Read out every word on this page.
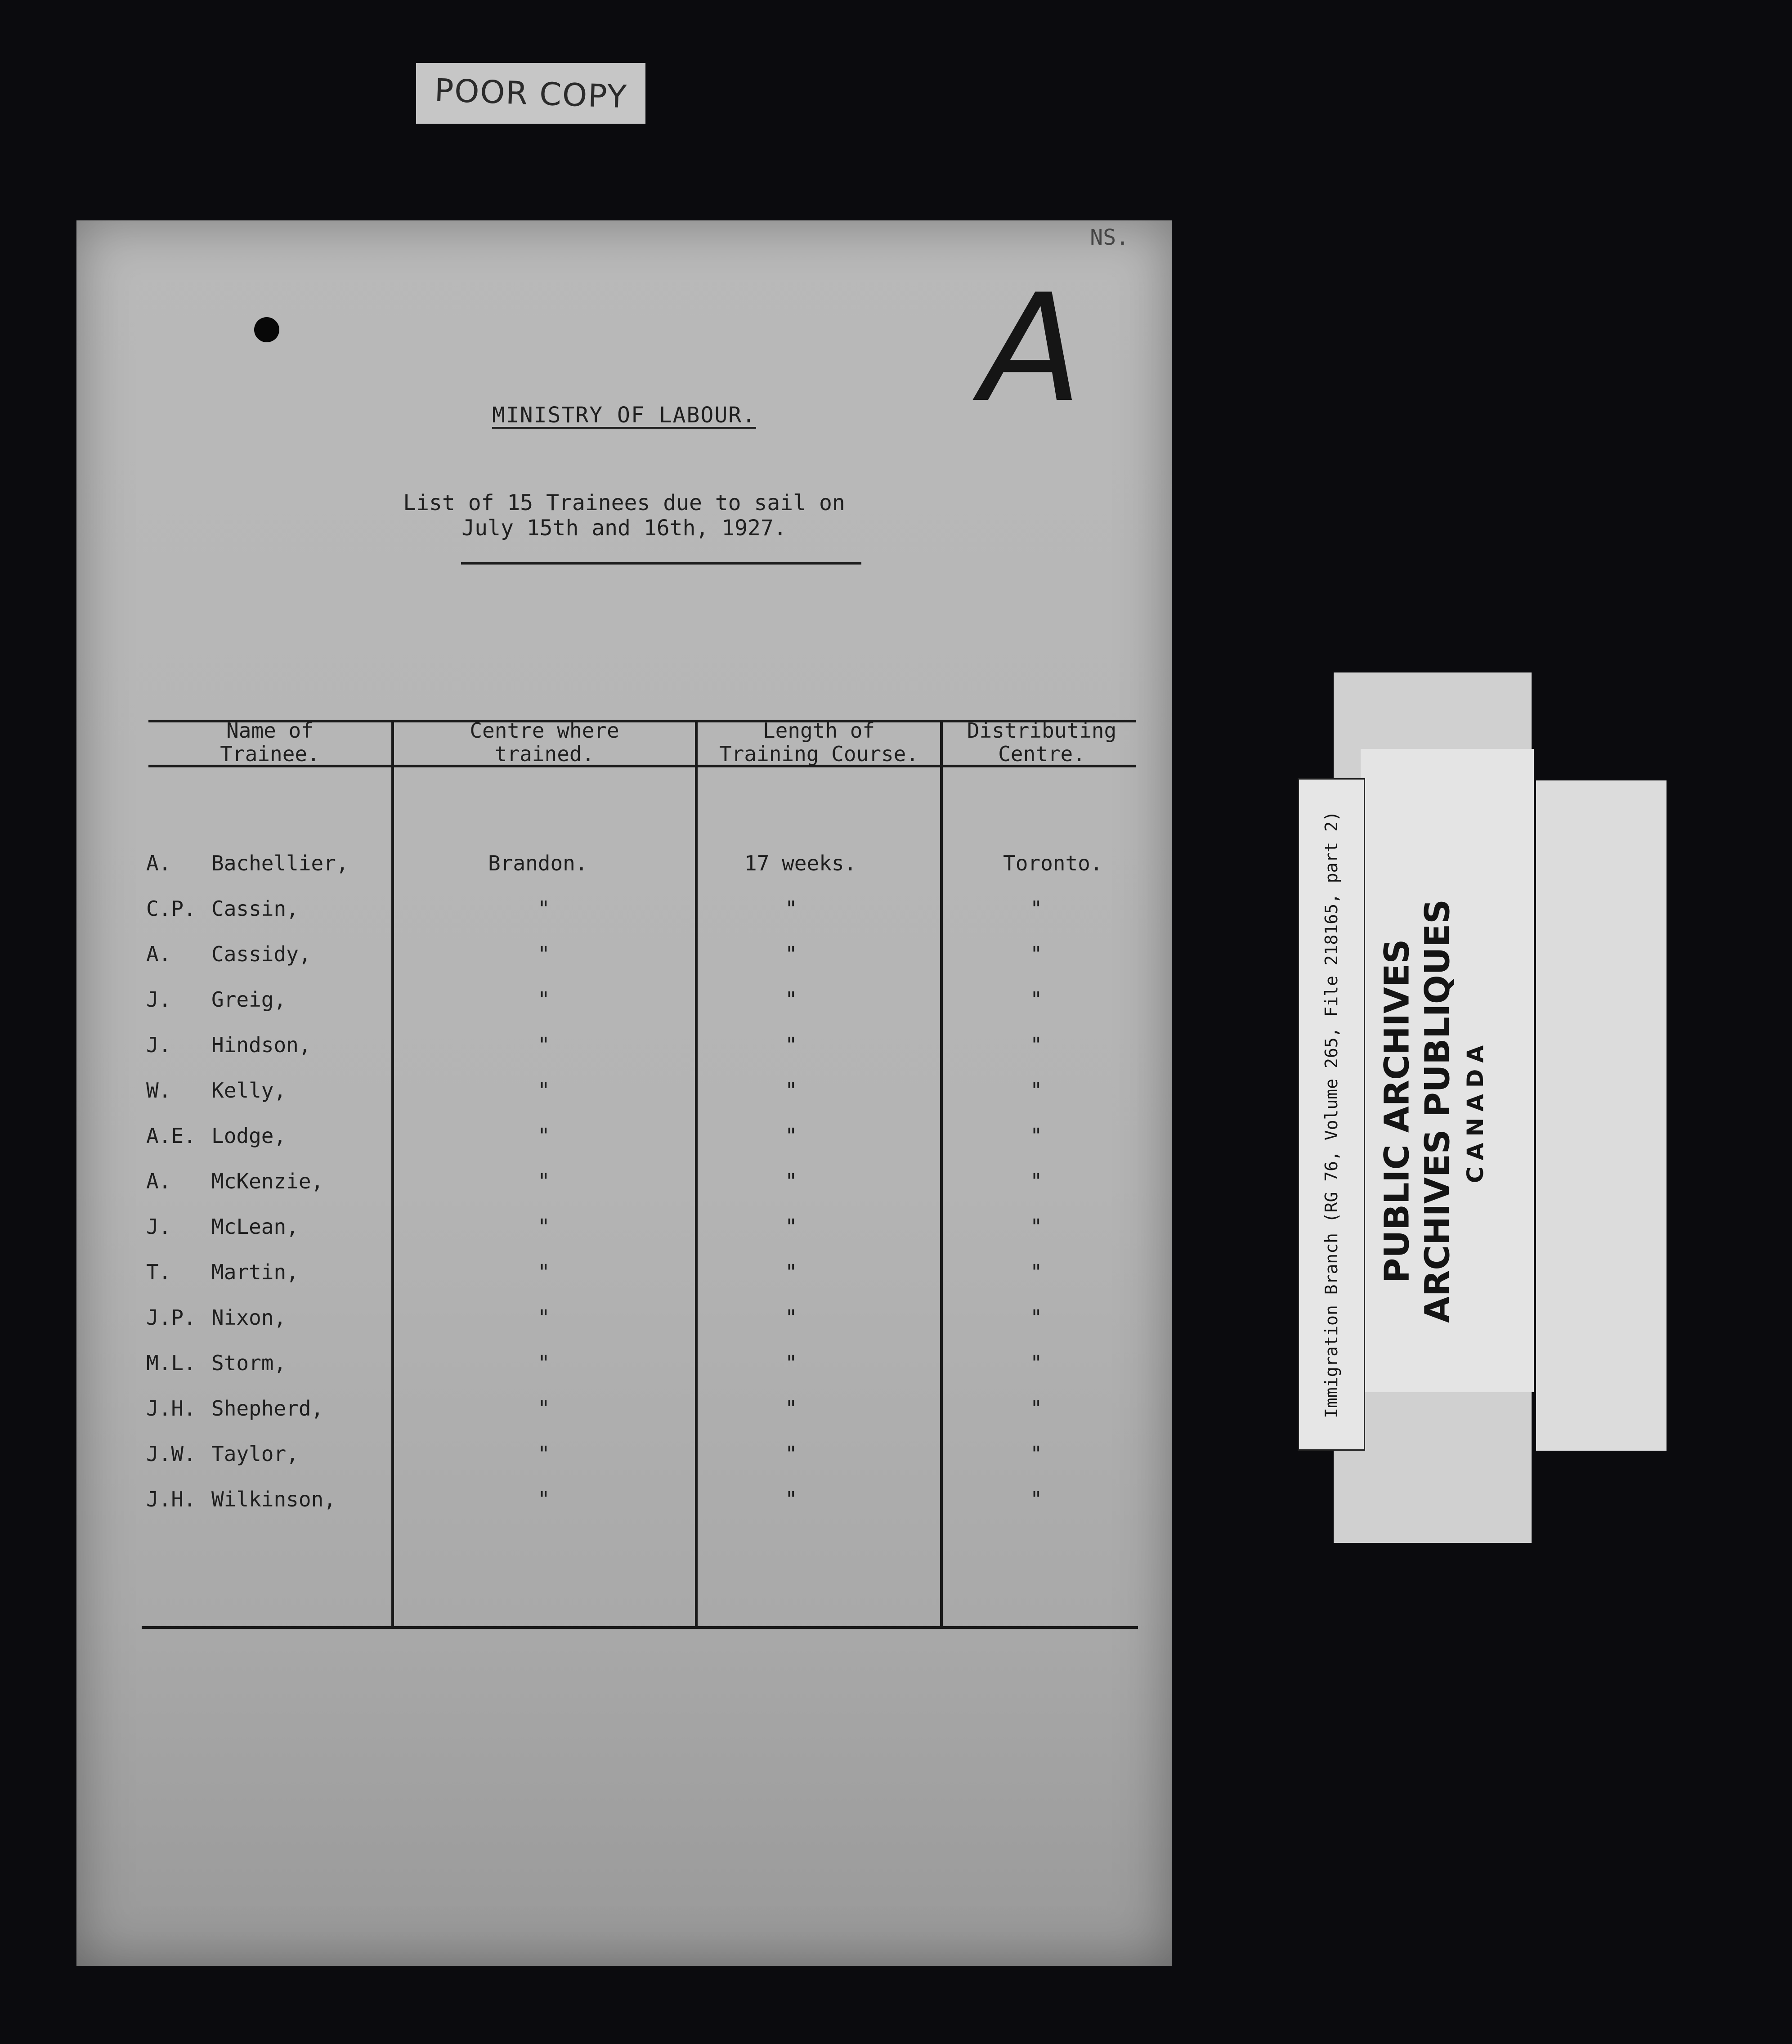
POOR COPY
NS.
A
MINISTRY OF LABOUR.
List of 15 Trainees due to sail on
July 15th and 16th, 1927.
Name of
Trainee.
Centre where
trained.
Length of
Training Course.
Distributing
Centre.
A. Bachellier,	Brandon.	17 weeks.	Toronto.
C.P. Cassin,	"	"	"
A. Cassidy,	"	"	"
J. Greig,	"	"	"
J. Hindson,	"	"	"
W. Kelly,	"	"	"
A.E. Lodge,	"	"	"
A. McKenzie,	"	"	"
J. McLean,	"	"	"
T. Martin,	"	"	"
J.P. Nixon,	"	"	"
M.L. Storm,	"	"	"
J.H. Shepherd,	"	"	"
J.W. Taylor,	"	"	"
J.H. Wilkinson,	"	"	"
PUBLIC ARCHIVES ARCHIVES PUBLIQUES CANADA
Immigration Branch (RG 76, Volume 265, File 218165, part 2)
